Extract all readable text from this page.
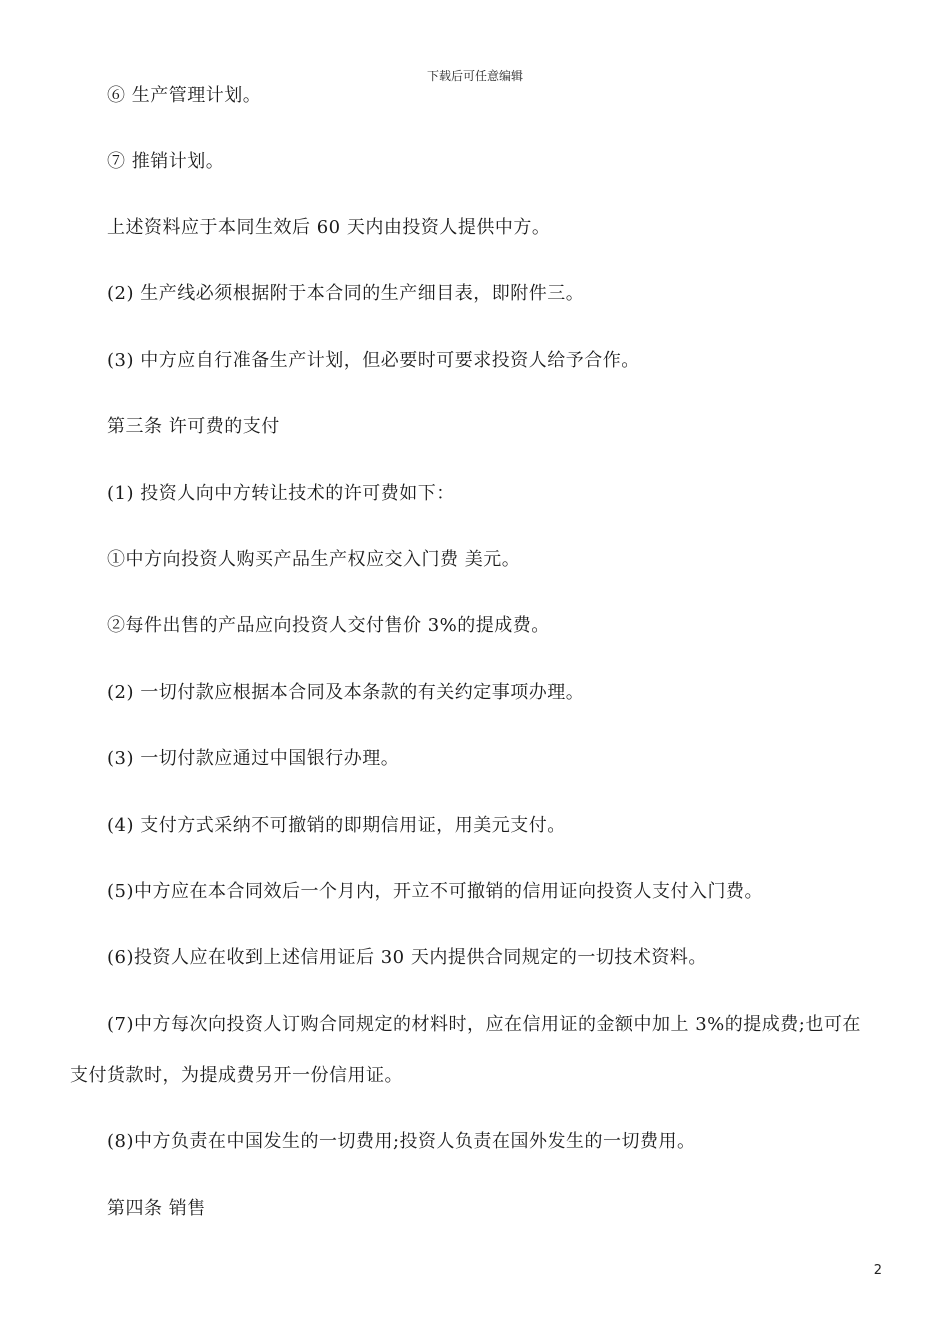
下载后可任意编辑
⑥ 生产管理计划。
⑦ 推销计划。
上述资料应于本同生效后 60 天内由投资人提供中方。
(2) 生产线必须根据附于本合同的生产细目表，即附件三。
(3) 中方应自行准备生产计划，但必要时可要求投资人给予合作。
第三条 许可费的支付
(1) 投资人向中方转让技术的许可费如下：
①中方向投资人购买产品生产权应交入门费 美元。
②每件出售的产品应向投资人交付售价 3%的提成费。
(2) 一切付款应根据本合同及本条款的有关约定事项办理。
(3) 一切付款应通过中国银行办理。
(4) 支付方式采纳不可撤销的即期信用证，用美元支付。
(5)中方应在本合同效后一个月内，开立不可撤销的信用证向投资人支付入门费。
(6)投资人应在收到上述信用证后 30 天内提供合同规定的一切技术资料。
(7)中方每次向投资人订购合同规定的材料时，应在信用证的金额中加上 3%的提成费;也可在
支付货款时，为提成费另开一份信用证。
(8)中方负责在中国发生的一切费用;投资人负责在国外发生的一切费用。
第四条 销售
2
